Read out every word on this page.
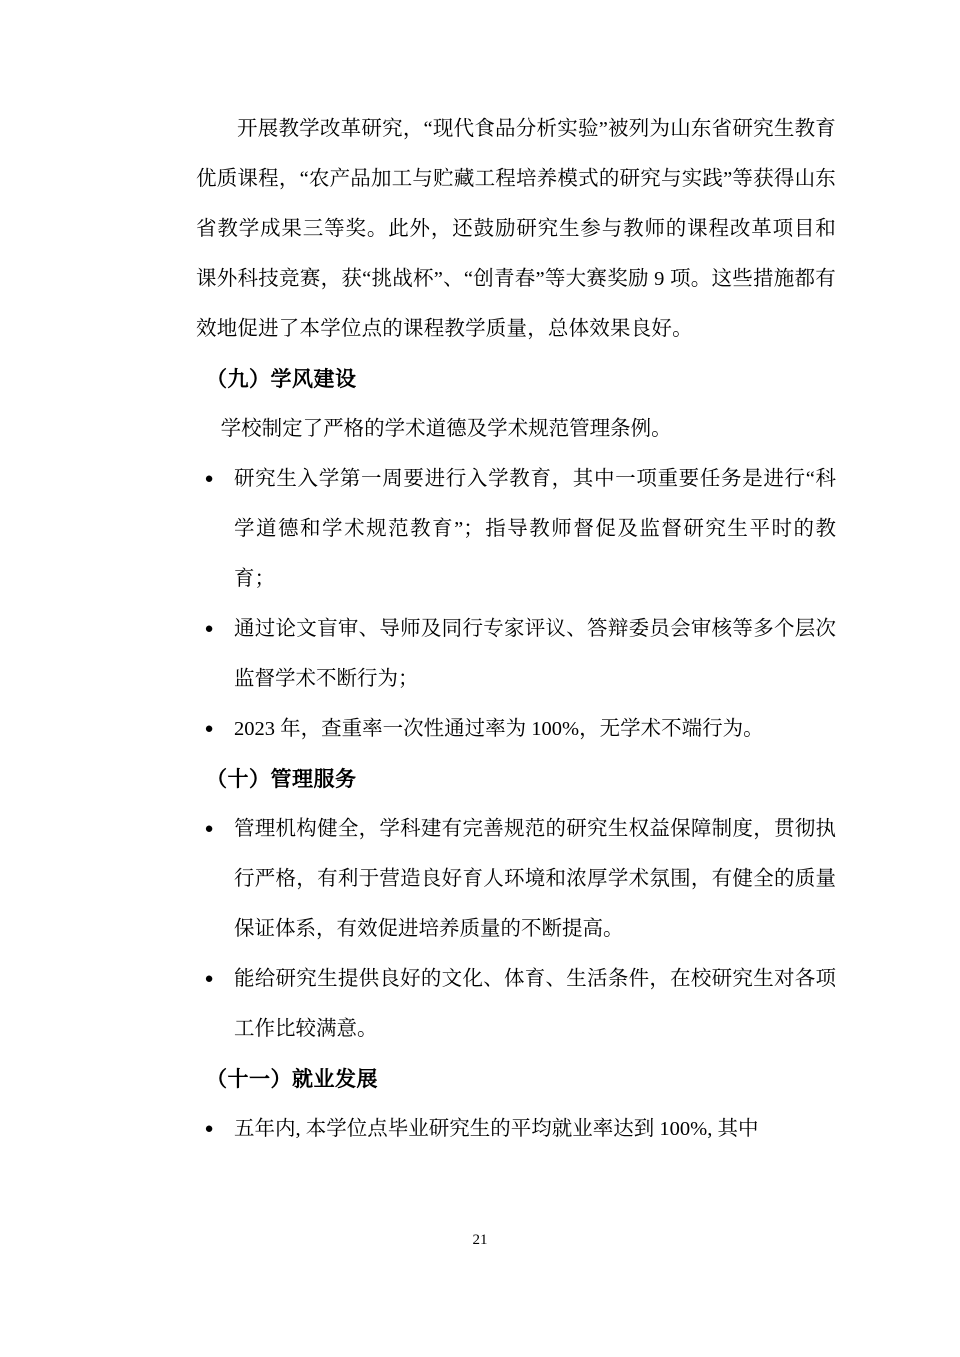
开展教学改革研究，“现代食品分析实验”被列为山东省研究生教育优质课程，“农产品加工与贮藏工程培养模式的研究与实践”等获得山东省教学成果三等奖。此外，还鼓励研究生参与教师的课程改革项目和课外科技竞赛，获“挑战杯”、“创青春”等大赛奖励 9 项。这些措施都有效地促进了本学位点的课程教学质量，总体效果良好。

（九）学风建设

学校制定了严格的学术道德及学术规范管理条例。

● 研究生入学第一周要进行入学教育，其中一项重要任务是进行“科学道德和学术规范教育”；指导教师督促及监督研究生平时的教育；
● 通过论文盲审、导师及同行专家评议、答辩委员会审核等多个层次监督学术不断行为；
● 2023 年，查重率一次性通过率为 100%，无学术不端行为。
（十）管理服务
● 管理机构健全，学科建有完善规范的研究生权益保障制度，贯彻执行严格，有利于营造良好育人环境和浓厚学术氛围，有健全的质量保证体系，有效促进培养质量的不断提高。
● 能给研究生提供良好的文化、体育、生活条件，在校研究生对各项工作比较满意。
（十一）就业发展
● 五年内, 本学位点毕业研究生的平均就业率达到 100%, 其中
21
